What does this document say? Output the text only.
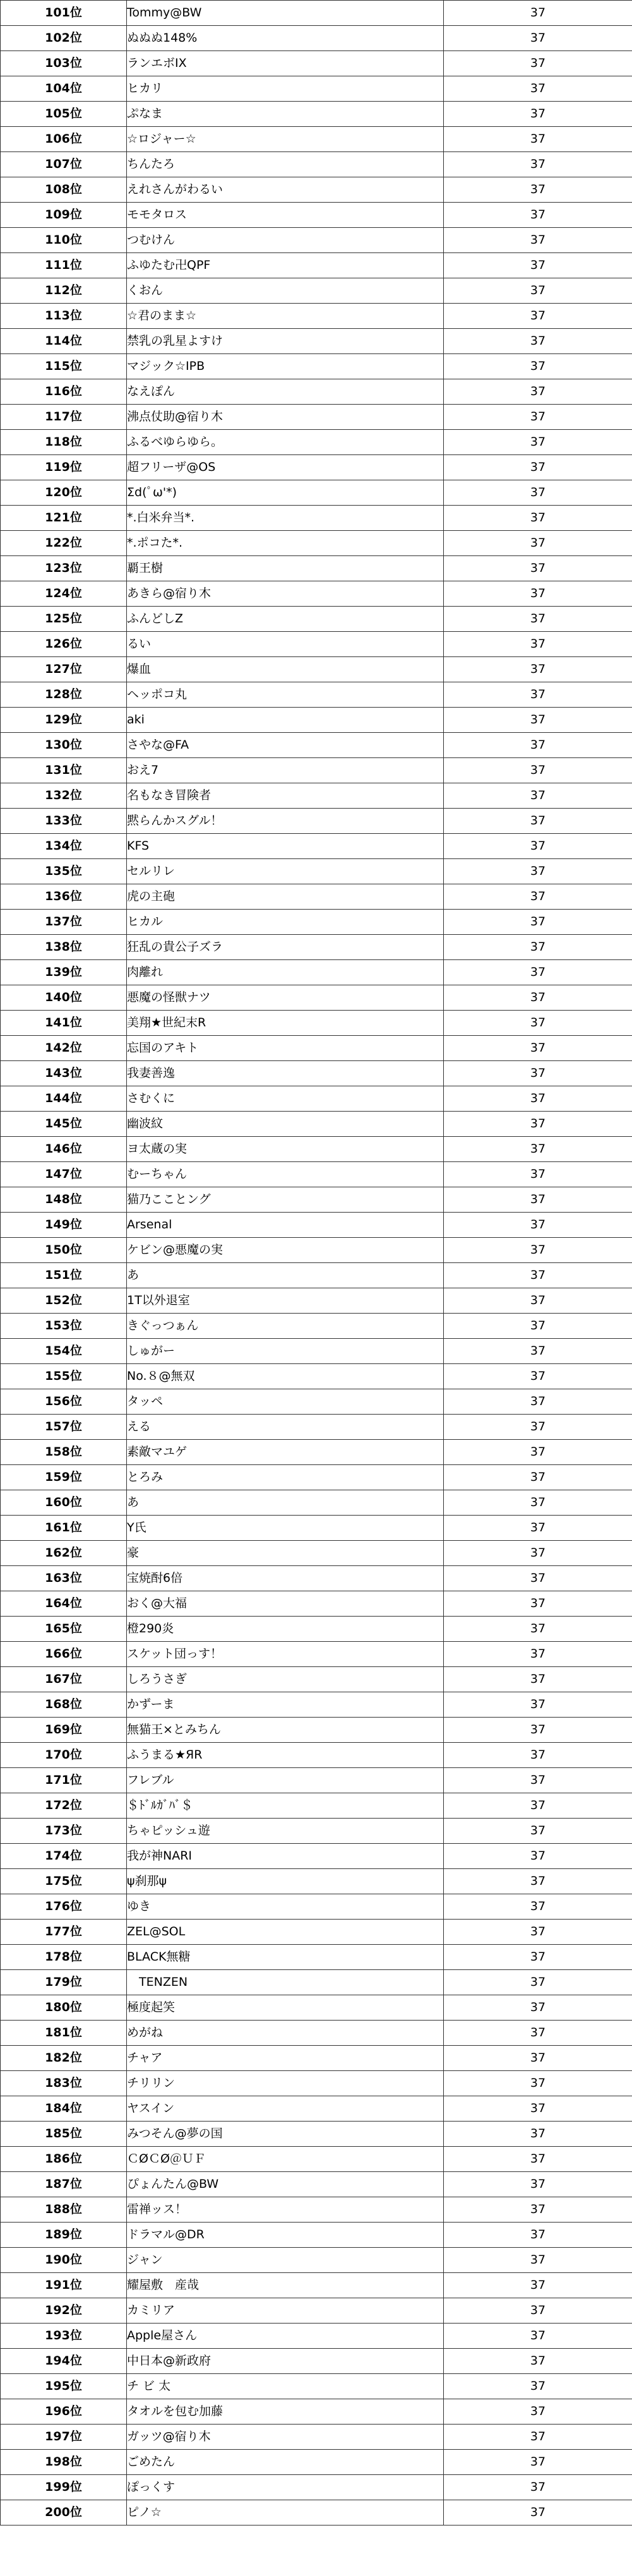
101位	Tommy@BW	37
102位	ぬぬぬ148%	37
103位	ランエボIX	37
104位	ヒカリ	37
105位	ぷなま	37
106位	☆ロジャー☆	37
107位	ちんたろ	37
108位	えれさんがわるい	37
109位	モモタロス	37
110位	つむけん	37
111位	ふゆたむ卍QPF	37
112位	くおん	37
113位	☆君のまま☆	37
114位	禁乳の乳星よすけ	37
115位	マジック☆IPB	37
116位	なえぽん	37
117位	沸点仗助@宿り木	37
118位	ふるべゆらゆら。	37
119位	超フリーザ@OS	37
120位	Σd(ﾟω'*)	37
121位	*.白米弁当*.	37
122位	*.ポコた*.	37
123位	覇王樹	37
124位	あきら@宿り木	37
125位	ふんどしZ	37
126位	るい	37
127位	爆血	37
128位	ヘッポコ丸	37
129位	aki	37
130位	さやな@FA	37
131位	おえ7	37
132位	名もなき冒険者	37
133位	黙らんかスグル！	37
134位	KFS	37
135位	セルリレ	37
136位	虎の主砲	37
137位	ヒカル	37
138位	狂乱の貴公子ズラ	37
139位	肉離れ	37
140位	悪魔の怪獣ナツ	37
141位	美翔★世紀末R	37
142位	忘国のアキト	37
143位	我妻善逸	37
144位	さむくに	37
145位	幽波紋	37
146位	ヨ太蔵の実	37
147位	むーちゃん	37
148位	猫乃こことング	37
149位	Arsenal	37
150位	ケビン@悪魔の実	37
151位	あ	37
152位	1T以外退室	37
153位	きぐっつぁん	37
154位	しゅがー	37
155位	No.８@無双	37
156位	タッペ	37
157位	える	37
158位	素敵マユゲ	37
159位	とろみ	37
160位	あ	37
161位	Y氏	37
162位	豪	37
163位	宝焼酎6倍	37
164位	おく@大福	37
165位	橙290炎	37
166位	スケット団っす！	37
167位	しろうさぎ	37
168位	かずーま	37
169位	無猫王×とみちん	37
170位	ふうまる★ЯR	37
171位	フレブル	37
172位	＄ﾄﾞﾙｶﾞﾊﾞ＄	37
173位	ちゃピッシュ遊	37
174位	我が神NARI	37
175位	ψ刹那ψ	37
176位	ゆき	37
177位	ZEL@SOL	37
178位	BLACK無糖	37
179位	　TENZEN	37
180位	極度起笑	37
181位	めがね	37
182位	チャア	37
183位	チリリン	37
184位	ヤスイン	37
185位	みつそん@夢の国	37
186位	ＣØＣØ＠ＵＦ	37
187位	ぴょんたん@BW	37
188位	雷禅ッス！	37
189位	ドラマル@DR	37
190位	ジャン	37
191位	耀屋敷　産哉	37
192位	カミリア	37
193位	Apple屋さん	37
194位	中日本@新政府	37
195位	チ ビ 太	37
196位	タオルを包む加藤	37
197位	ガッツ@宿り木	37
198位	ごめたん	37
199位	ぽっくす	37
200位	ピノ☆	37
